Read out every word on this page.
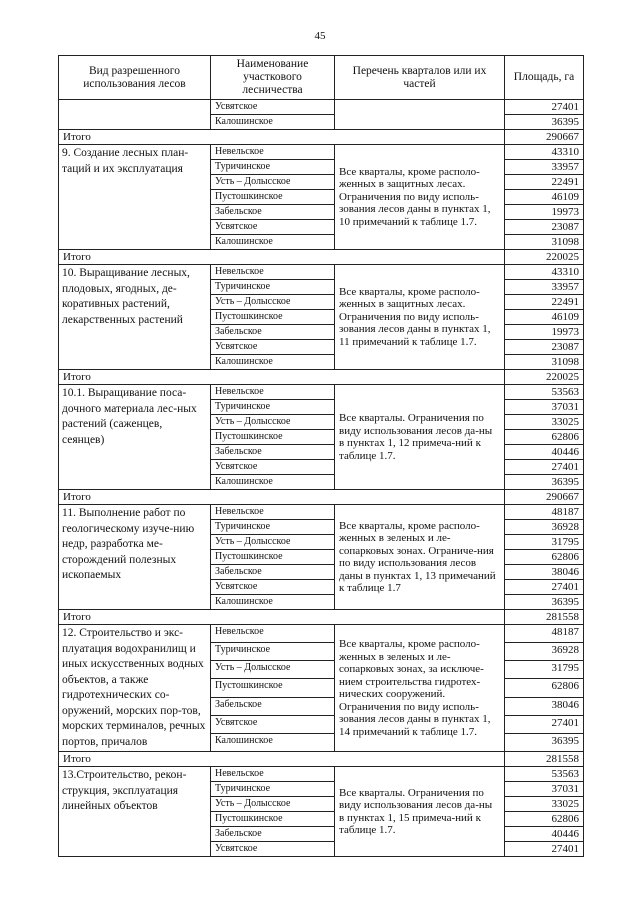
45
Вид разрешенного использования лесов	Наименование участкового лесничества	Перечень кварталов или их частей	Площадь, га
	Усвятское		27401
	Калошинское		36395
Итого			290667
9. Создание лесных план-таций и их эксплуатация	Невельское	Все кварталы, кроме располо-женных в защитных лесах. Ограничения по виду исполь-зования лесов даны в пунктах 1, 10 примечаний к таблице 1.7.	43310
	Туричинское		33957
	Усть – Долысское		22491
	Пустошкинское		46109
	Забельское		19973
	Усвятское		23087
	Калошинское		31098
Итого			220025
10. Выращивание лесных, плодовых, ягодных, де-коративных растений, лекарственных растений	Невельское	Все кварталы, кроме располо-женных в защитных лесах. Ограничения по виду исполь-зования лесов даны в пунктах 1, 11 примечаний к таблице 1.7.	43310
	Туричинское		33957
	Усть – Долысское		22491
	Пустошкинское		46109
	Забельское		19973
	Усвятское		23087
	Калошинское		31098
Итого			220025
10.1. Выращивание поса-дочного материала лес-ных растений (саженцев, сеянцев)	Невельское	Все кварталы. Ограничения по виду использования лесов да-ны в пунктах 1, 12 примеча-ний к таблице 1.7.	53563
	Туричинское		37031
	Усть – Долысское		33025
	Пустошкинское		62806
	Забельское		40446
	Усвятское		27401
	Калошинское		36395
Итого			290667
11. Выполнение работ по геологическому изуче-нию недр, разработка ме-сторождений полезных ископаемых	Невельское	Все кварталы, кроме располо-женных в зеленых и ле-сопарковых зонах. Ограниче-ния по виду использования лесов даны в пунктах 1, 13 примечаний к таблице 1.7	48187
	Туричинское		36928
	Усть – Долысское		31795
	Пустошкинское		62806
	Забельское		38046
	Усвятское		27401
	Калошинское		36395
Итого			281558
12. Строительство и экс-плуатация водохранилищ и иных искусственных водных объектов, а также гидротехнических со-оружений, морских пор-тов, морских терминалов, речных портов, причалов	Невельское	Все кварталы, кроме располо-женных в зеленых и ле-сопарковых зонах, за исключе-нием строительства гидротех-нических сооружений. Ограничения по виду исполь-зования лесов даны в пунктах 1, 14 примечаний к таблице 1.7.	48187
	Туричинское		36928
	Усть – Долысское		31795
	Пустошкинское		62806
	Забельское		38046
	Усвятское		27401
	Калошинское		36395
Итого			281558
13.Строительство, рекон-струкция, эксплуатация линейных объектов	Невельское	Все кварталы. Ограничения по виду использования лесов да-ны в пунктах 1, 15 примеча-ний к таблице 1.7.	53563
	Туричинское		37031
	Усть – Долысское		33025
	Пустошкинское		62806
	Забельское		40446
	Усвятское		27401
